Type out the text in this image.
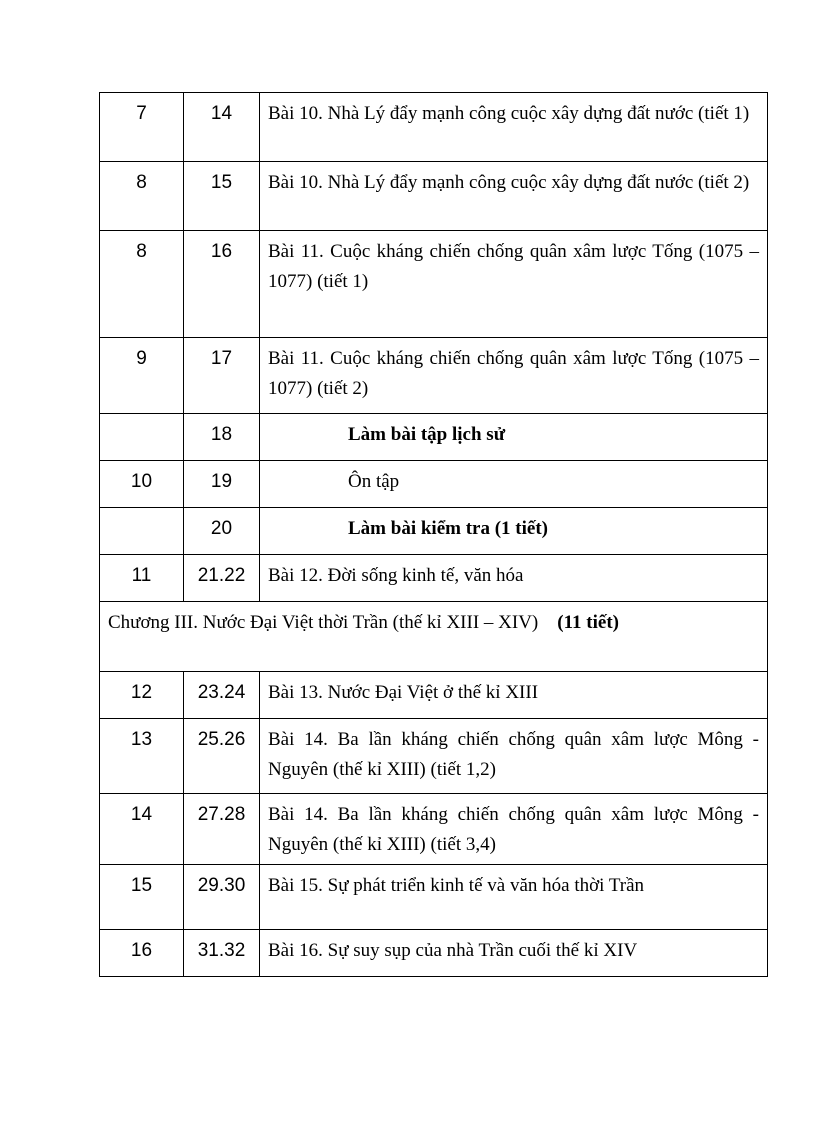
7	14	Bài 10. Nhà Lý đẩy mạnh công cuộc xây dựng đất nước (tiết 1)
8	15	Bài 10. Nhà Lý đẩy mạnh công cuộc xây dựng đất nước (tiết 2)
8	16	Bài 11. Cuộc kháng chiến chống quân xâm lược Tống (1075 – 1077) (tiết 1)
9	17	Bài 11. Cuộc kháng chiến chống quân xâm lược Tống (1075 – 1077) (tiết 2)
	18	Làm bài tập lịch sử
10	19	Ôn tập
	20	Làm bài kiểm tra (1 tiết)
11	21.22	Bài 12. Đời sống kinh tế, văn hóa
Chương III. Nước Đại Việt thời Trần (thế kỉ XIII – XIV) (11 tiết)		
12	23.24	Bài 13. Nước Đại Việt ở thế kỉ XIII
13	25.26	Bài 14. Ba lần kháng chiến chống quân xâm lược Mông - Nguyên (thế kỉ XIII) (tiết 1,2)
14	27.28	Bài 14. Ba lần kháng chiến chống quân xâm lược Mông - Nguyên (thế kỉ XIII) (tiết 3,4)
15	29.30	Bài 15. Sự phát triển kinh tế và văn hóa thời Trần
16	31.32	Bài 16. Sự suy sụp của nhà Trần cuối thế kỉ XIV
